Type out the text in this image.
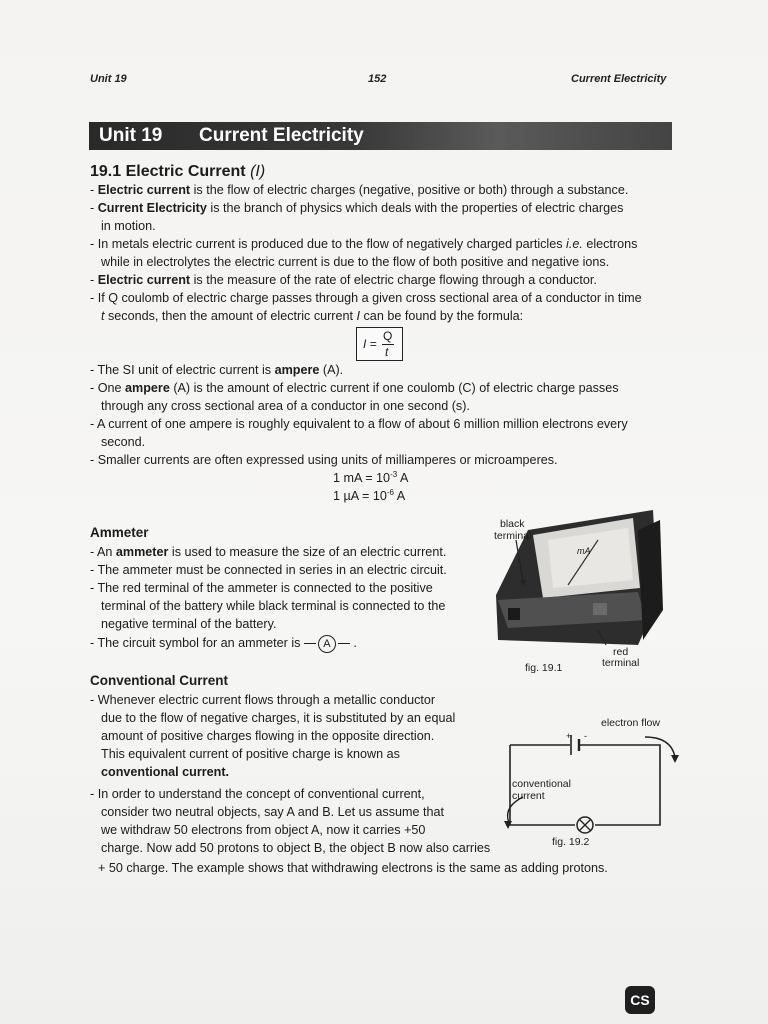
Unit 19	152	Current Electricity
Unit 19 Current Electricity
19.1 Electric Current (I)
- Electric current is the flow of electric charges (negative, positive or both) through a substance.
- Current Electricity is the branch of physics which deals with the properties of electric charges
in motion.
- In metals electric current is produced due to the flow of negatively charged particles i.e. electrons
while in electrolytes the electric current is due to the flow of both positive and negative ions.
- Electric current is the measure of the rate of electric charge flowing through a conductor.
- If Q coulomb of electric charge passes through a given cross sectional area of a conductor in time
t seconds, then the amount of electric current I can be found by the formula:
I =
Q
t
- The SI unit of electric current is ampere (A).
- One ampere (A) is the amount of electric current if one coulomb (C) of electric charge passes
through any cross sectional area of a conductor in one second (s).
- A current of one ampere is roughly equivalent to a flow of about 6 million million electrons every
second.
- Smaller currents are often expressed using units of milliamperes or microamperes.
1 mA = $10^{-3}$ A
1 $\mu A = 10^{-6}$ A
Ammeter
- An ammeter is used to measure the size of an electric current.
- The ammeter must be connected in series in an electric circuit.
- The red terminal of the ammeter is connected to the positive
terminal of the battery while black terminal is connected to the
negative terminal of the battery.
- The circuit symbol for an ammeter is	A	.
black
terminal
mA
red
terminal
fig. 19.1
Conventional Current
- Whenever electric current flows through a metallic conductor
due to the flow of negative charges, it is substituted by an equal
amount of positive charges flowing in the opposite direction.
This equivalent current of positive charge is known as
conventional current.
- In order to understand the concept of conventional current,
consider two neutral objects, say A and B. Let us assume that
we withdraw 50 electrons from object A, now it carries +50
charge. Now add 50 protons to object B, the object B now also carries
+ 50 charge. The example shows that withdrawing electrons is the same as adding protons.
+ -
electron flow
conventional
current
fig. 19.2
CS
